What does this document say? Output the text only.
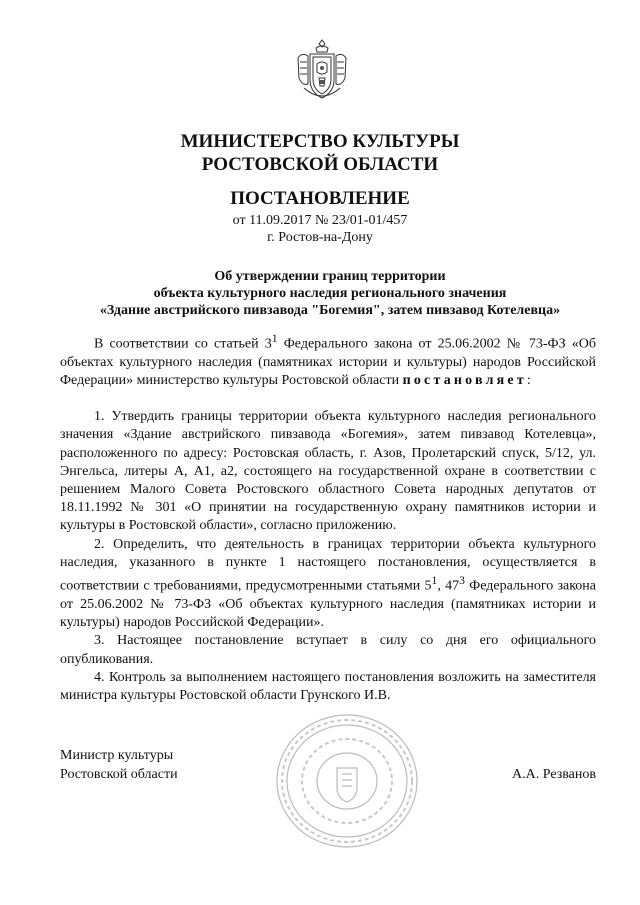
МИНИСТЕРСТВО КУЛЬТУРЫ
РОСТОВСКОЙ ОБЛАСТИ
ПОСТАНОВЛЕНИЕ
от 11.09.2017 № 23/01-01/457
г. Ростов-на-Дону
Об утверждении границ территории
объекта культурного наследия регионального значения
«Здание австрийского пивзавода "Богемия", затем пивзавод Котелевца»

В соответствии со статьей $3^1$ Федерального закона от 25.06.2002 № 73-ФЗ «Об объектах культурного наследия (памятниках истории и культуры) народов Российской Федерации» министерство культуры Ростовской области постановляет:

1. Утвердить границы территории объекта культурного наследия регионального значения «Здание австрийского пивзавода «Богемия», затем пивзавод Котелевца», расположенного по адресу: Ростовская область, г. Азов, Пролетарский спуск, 5/12, ул. Энгельса, литеры А, А1, а2, состоящего на государственной охране в соответствии с решением Малого Совета Ростовского областного Совета народных депутатов от 18.11.1992 № 301 «О принятии на государственную охрану памятников истории и культуры в Ростовской области», согласно приложению.

2. Определить, что деятельность в границах территории объекта культурного наследия, указанного в пункте 1 настоящего постановления, осуществляется в соответствии с требованиями, предусмотренными статьями $5^1$, $47^3$ Федерального закона от 25.06.2002 № 73-ФЗ «Об объектах культурного наследия (памятниках истории и культуры) народов Российской Федерации».

3. Настоящее постановление вступает в силу со дня его официального опубликования.

4. Контроль за выполнением настоящего постановления возложить на заместителя министра культуры Ростовской области Грунского И.В.

Министр культуры
Ростовской области	А.А. Резванов
